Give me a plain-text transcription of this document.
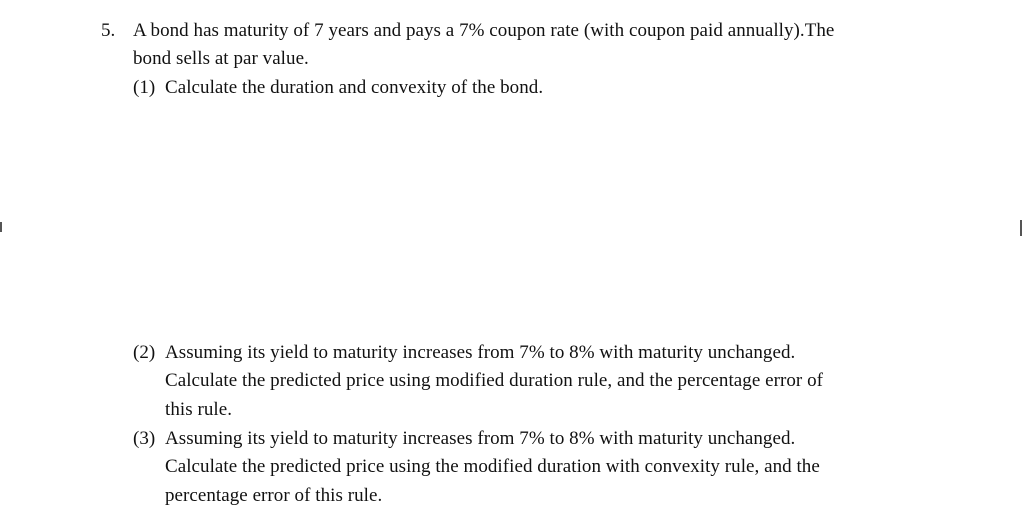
5. A bond has maturity of 7 years and pays a 7% coupon rate (with coupon paid annually).The
bond sells at par value.
(1) Calculate the duration and convexity of the bond.
(2) Assuming its yield to maturity increases from 7% to 8% with maturity unchanged.
Calculate the predicted price using modified duration rule, and the percentage error of
this rule.
(3) Assuming its yield to maturity increases from 7% to 8% with maturity unchanged.
Calculate the predicted price using the modified duration with convexity rule, and the
percentage error of this rule.
